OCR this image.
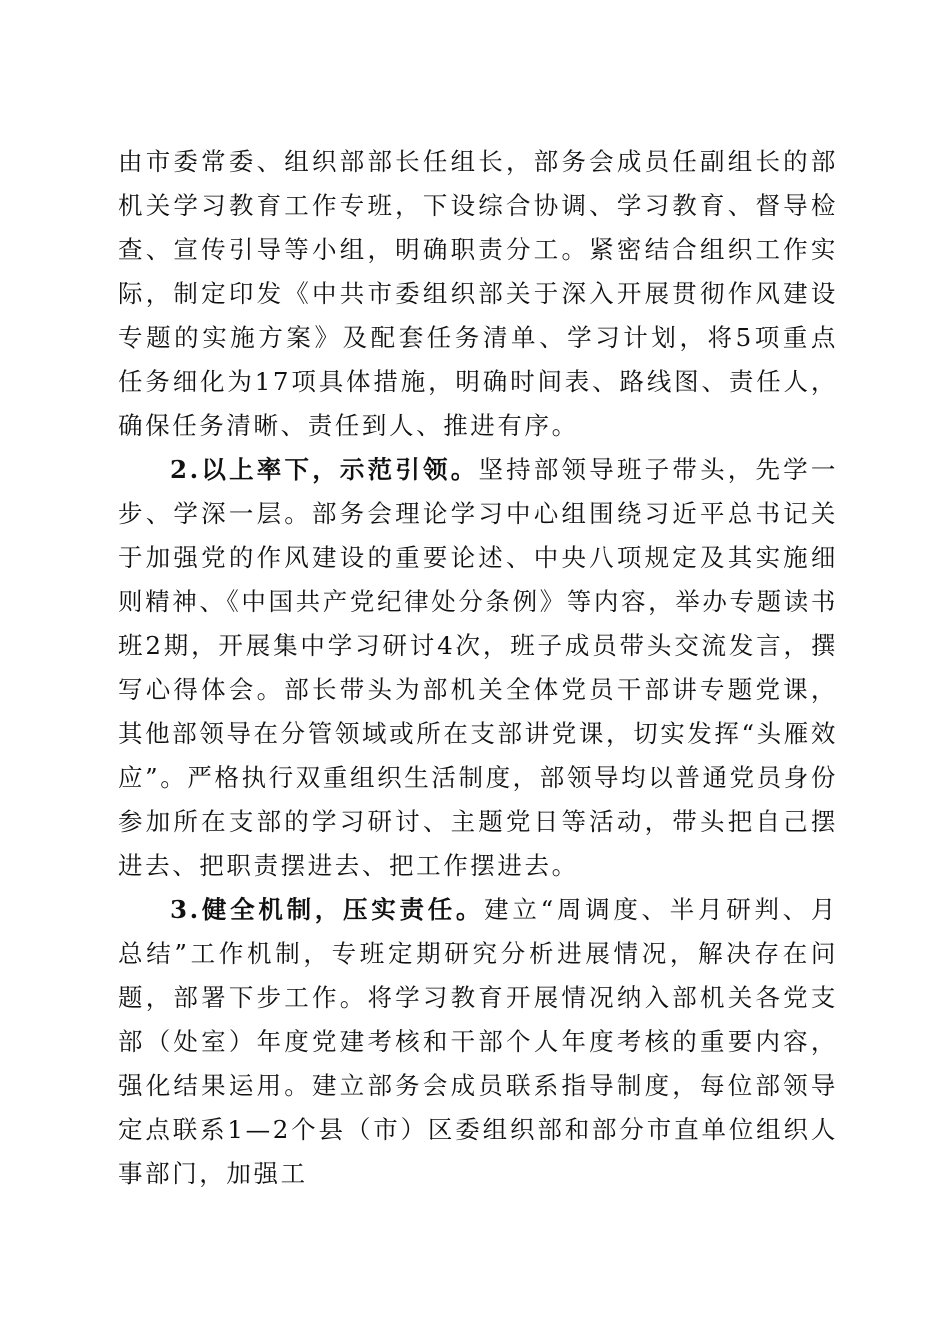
由市委常委、组织部部长任组长，部务会成员任副组长的部机关学习教育工作专班，下设综合协调、学习教育、督导检查、宣传引导等小组，明确职责分工。紧密结合组织工作实际，制定印发《中共市委组织部关于深入开展贯彻作风建设专题的实施方案》及配套任务清单、学习计划，将5项重点任务细化为17项具体措施，明确时间表、路线图、责任人，确保任务清晰、责任到人、推进有序。

2.以上率下，示范引领。坚持部领导班子带头，先学一步、学深一层。部务会理论学习中心组围绕习近平总书记关于加强党的作风建设的重要论述、中央八项规定及其实施细则精神、《中国共产党纪律处分条例》等内容，举办专题读书班2期，开展集中学习研讨4次，班子成员带头交流发言，撰写心得体会。部长带头为部机关全体党员干部讲专题党课，其他部领导在分管领域或所在支部讲党课，切实发挥“头雁效应”。严格执行双重组织生活制度，部领导均以普通党员身份参加所在支部的学习研讨、主题党日等活动，带头把自己摆进去、把职责摆进去、把工作摆进去。

3.健全机制，压实责任。建立“周调度、半月研判、月总结”工作机制，专班定期研究分析进展情况，解决存在问题，部署下步工作。将学习教育开展情况纳入部机关各党支部（处室）年度党建考核和干部个人年度考核的重要内容，强化结果运用。建立部务会成员联系指导制度，每位部领导定点联系1—2个县（市）区委组织部和部分市直单位组织人事部门，加强工
